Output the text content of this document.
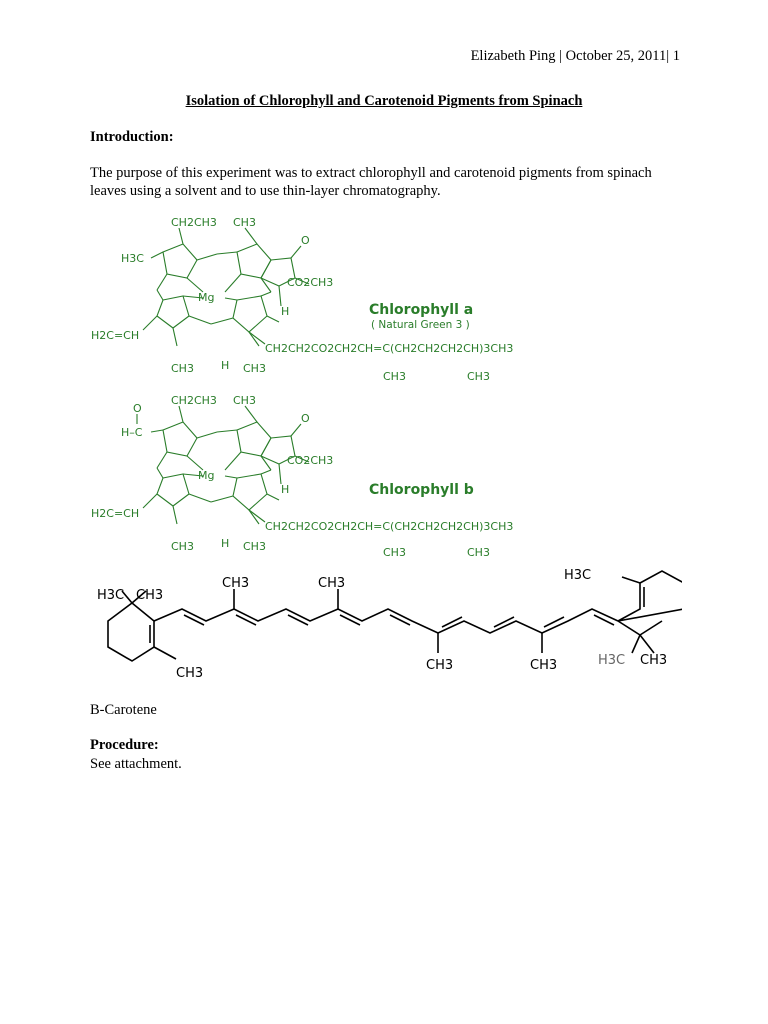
Elizabeth Ping | October 25, 2011| 1
Isolation of Chlorophyll and Carotenoid Pigments from Spinach
Introduction:
The purpose of this experiment was to extract chlorophyll and carotenoid pigments from spinach
leaves using a solvent and to use thin-layer chromatography.
CH2CH3 CH3
H3C
H2C=CH
Mg
CO2CH3
O
CH3 H
H
CH3
CH2CH2CO2CH2CH=C(CH2CH2CH2CH)3CH3
CH3	CH3
Chlorophyll a
( Natural Green 3 )
CH2CH3 CH3
O
H–C
H2C=CH
Mg
CO2CH3
O
CH3 H
H
CH3
CH2CH2CO2CH2CH=C(CH2CH2CH2CH)3CH3
CH3	CH3
Chlorophyll b
H3C CH3
CH3
CH3	CH3
CH3	CH3
H3C
H3C CH3
B-Carotene
Procedure:
See attachment.
